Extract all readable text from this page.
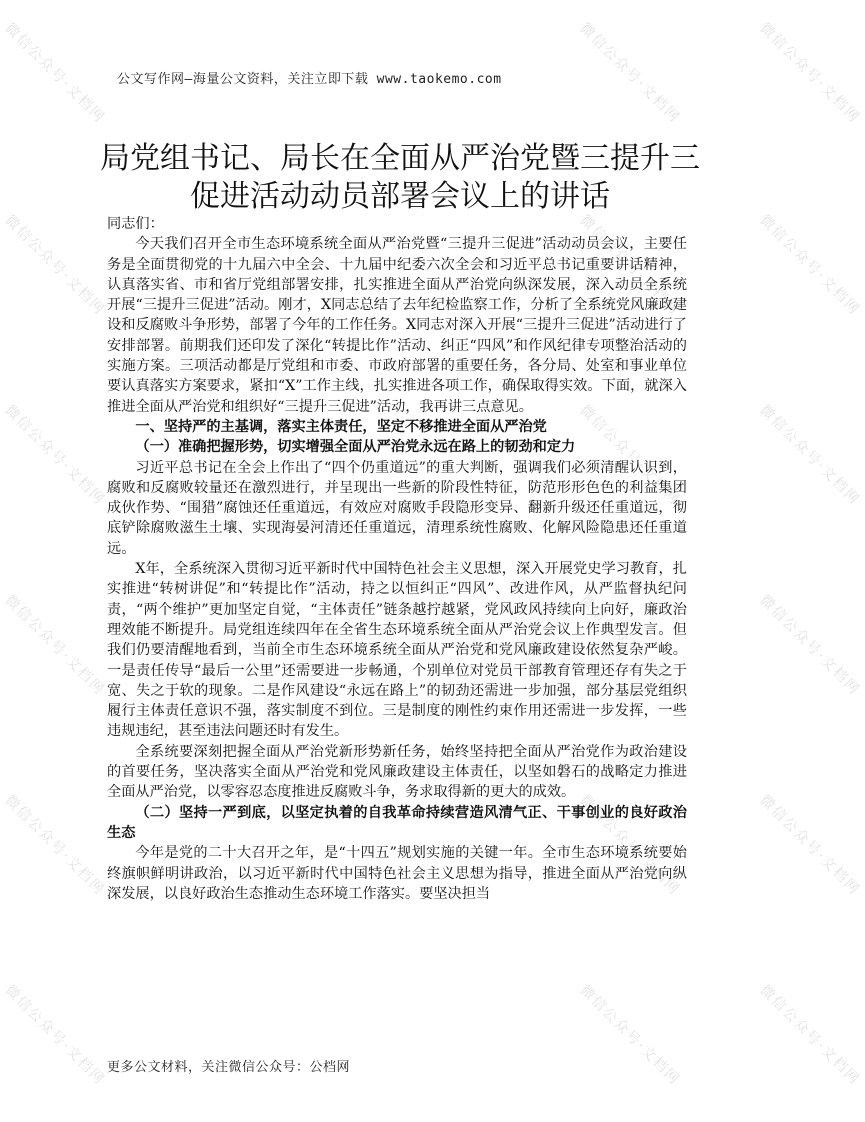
微信公众号·文档网	微信公众号·文档网	微信公众号·文档网
微信公众号·文档网	微信公众号·文档网	微信公众号·文档网
微信公众号·文档网	微信公众号·文档网	微信公众号·文档网
微信公众号·文档网	微信公众号·文档网	微信公众号·文档网
微信公众号·文档网	微信公众号·文档网	微信公众号·文档网
微信公众号·文档网	微信公众号·文档网	微信公众号·文档网
公文写作网—海量公文资料，关注立即下载 www.taokemo.com
局党组书记、局长在全面从严治党暨三提升三促进活动动员部署会议上的讲话

同志们：

今天我们召开全市生态环境系统全面从严治党暨“三提升三促进”活动动员会议，主要任务是全面贯彻党的十九届六中全会、十九届中纪委六次全会和习近平总书记重要讲话精神，认真落实省、市和省厅党组部署安排，扎实推进全面从严治党向纵深发展，深入动员全系统开展“三提升三促进”活动。刚才，X同志总结了去年纪检监察工作，分析了全系统党风廉政建设和反腐败斗争形势，部署了今年的工作任务。X同志对深入开展“三提升三促进”活动进行了安排部署。前期我们还印发了深化“转提比作”活动、纠正“四风”和作风纪律专项整治活动的实施方案。三项活动都是厅党组和市委、市政府部署的重要任务，各分局、处室和事业单位要认真落实方案要求，紧扣“X”工作主线，扎实推进各项工作，确保取得实效。下面，就深入推进全面从严治党和组织好“三提升三促进”活动，我再讲三点意见。

一、坚持严的主基调，落实主体责任，坚定不移推进全面从严治党

（一）准确把握形势，切实增强全面从严治党永远在路上的韧劲和定力

习近平总书记在全会上作出了“四个仍重道远”的重大判断，强调我们必须清醒认识到，腐败和反腐败较量还在激烈进行，并呈现出一些新的阶段性特征，防范形形色色的利益集团成伙作势、“围猎”腐蚀还任重道远，有效应对腐败手段隐形变异、翻新升级还任重道远，彻底铲除腐败滋生土壤、实现海晏河清还任重道远，清理系统性腐败、化解风险隐患还任重道远。

X年，全系统深入贯彻习近平新时代中国特色社会主义思想，深入开展党史学习教育，扎实推进“转树讲促”和“转提比作”活动，持之以恒纠正“四风”、改进作风，从严监督执纪问责，“两个维护”更加坚定自觉，“主体责任”链条越拧越紧，党风政风持续向上向好，廉政治理效能不断提升。局党组连续四年在全省生态环境系统全面从严治党会议上作典型发言。但我们仍要清醒地看到，当前全市生态环境系统全面从严治党和党风廉政建设依然复杂严峻。一是责任传导“最后一公里”还需要进一步畅通，个别单位对党员干部教育管理还存有失之于宽、失之于软的现象。二是作风建设“永远在路上”的韧劲还需进一步加强，部分基层党组织履行主体责任意识不强，落实制度不到位。三是制度的刚性约束作用还需进一步发挥，一些违规违纪，甚至违法问题还时有发生。

全系统要深刻把握全面从严治党新形势新任务，始终坚持把全面从严治党作为政治建设的首要任务，坚决落实全面从严治党和党风廉政建设主体责任，以坚如磐石的战略定力推进全面从严治党，以零容忍态度推进反腐败斗争，务求取得新的更大的成效。

（二）坚持一严到底，以坚定执着的自我革命持续营造风清气正、干事创业的良好政治生态

今年是党的二十大召开之年，是“十四五”规划实施的关键一年。全市生态环境系统要始终旗帜鲜明讲政治，以习近平新时代中国特色社会主义思想为指导，推进全面从严治党向纵深发展，以良好政治生态推动生态环境工作落实。要坚决担当

更多公文材料，关注微信公众号：公档网
